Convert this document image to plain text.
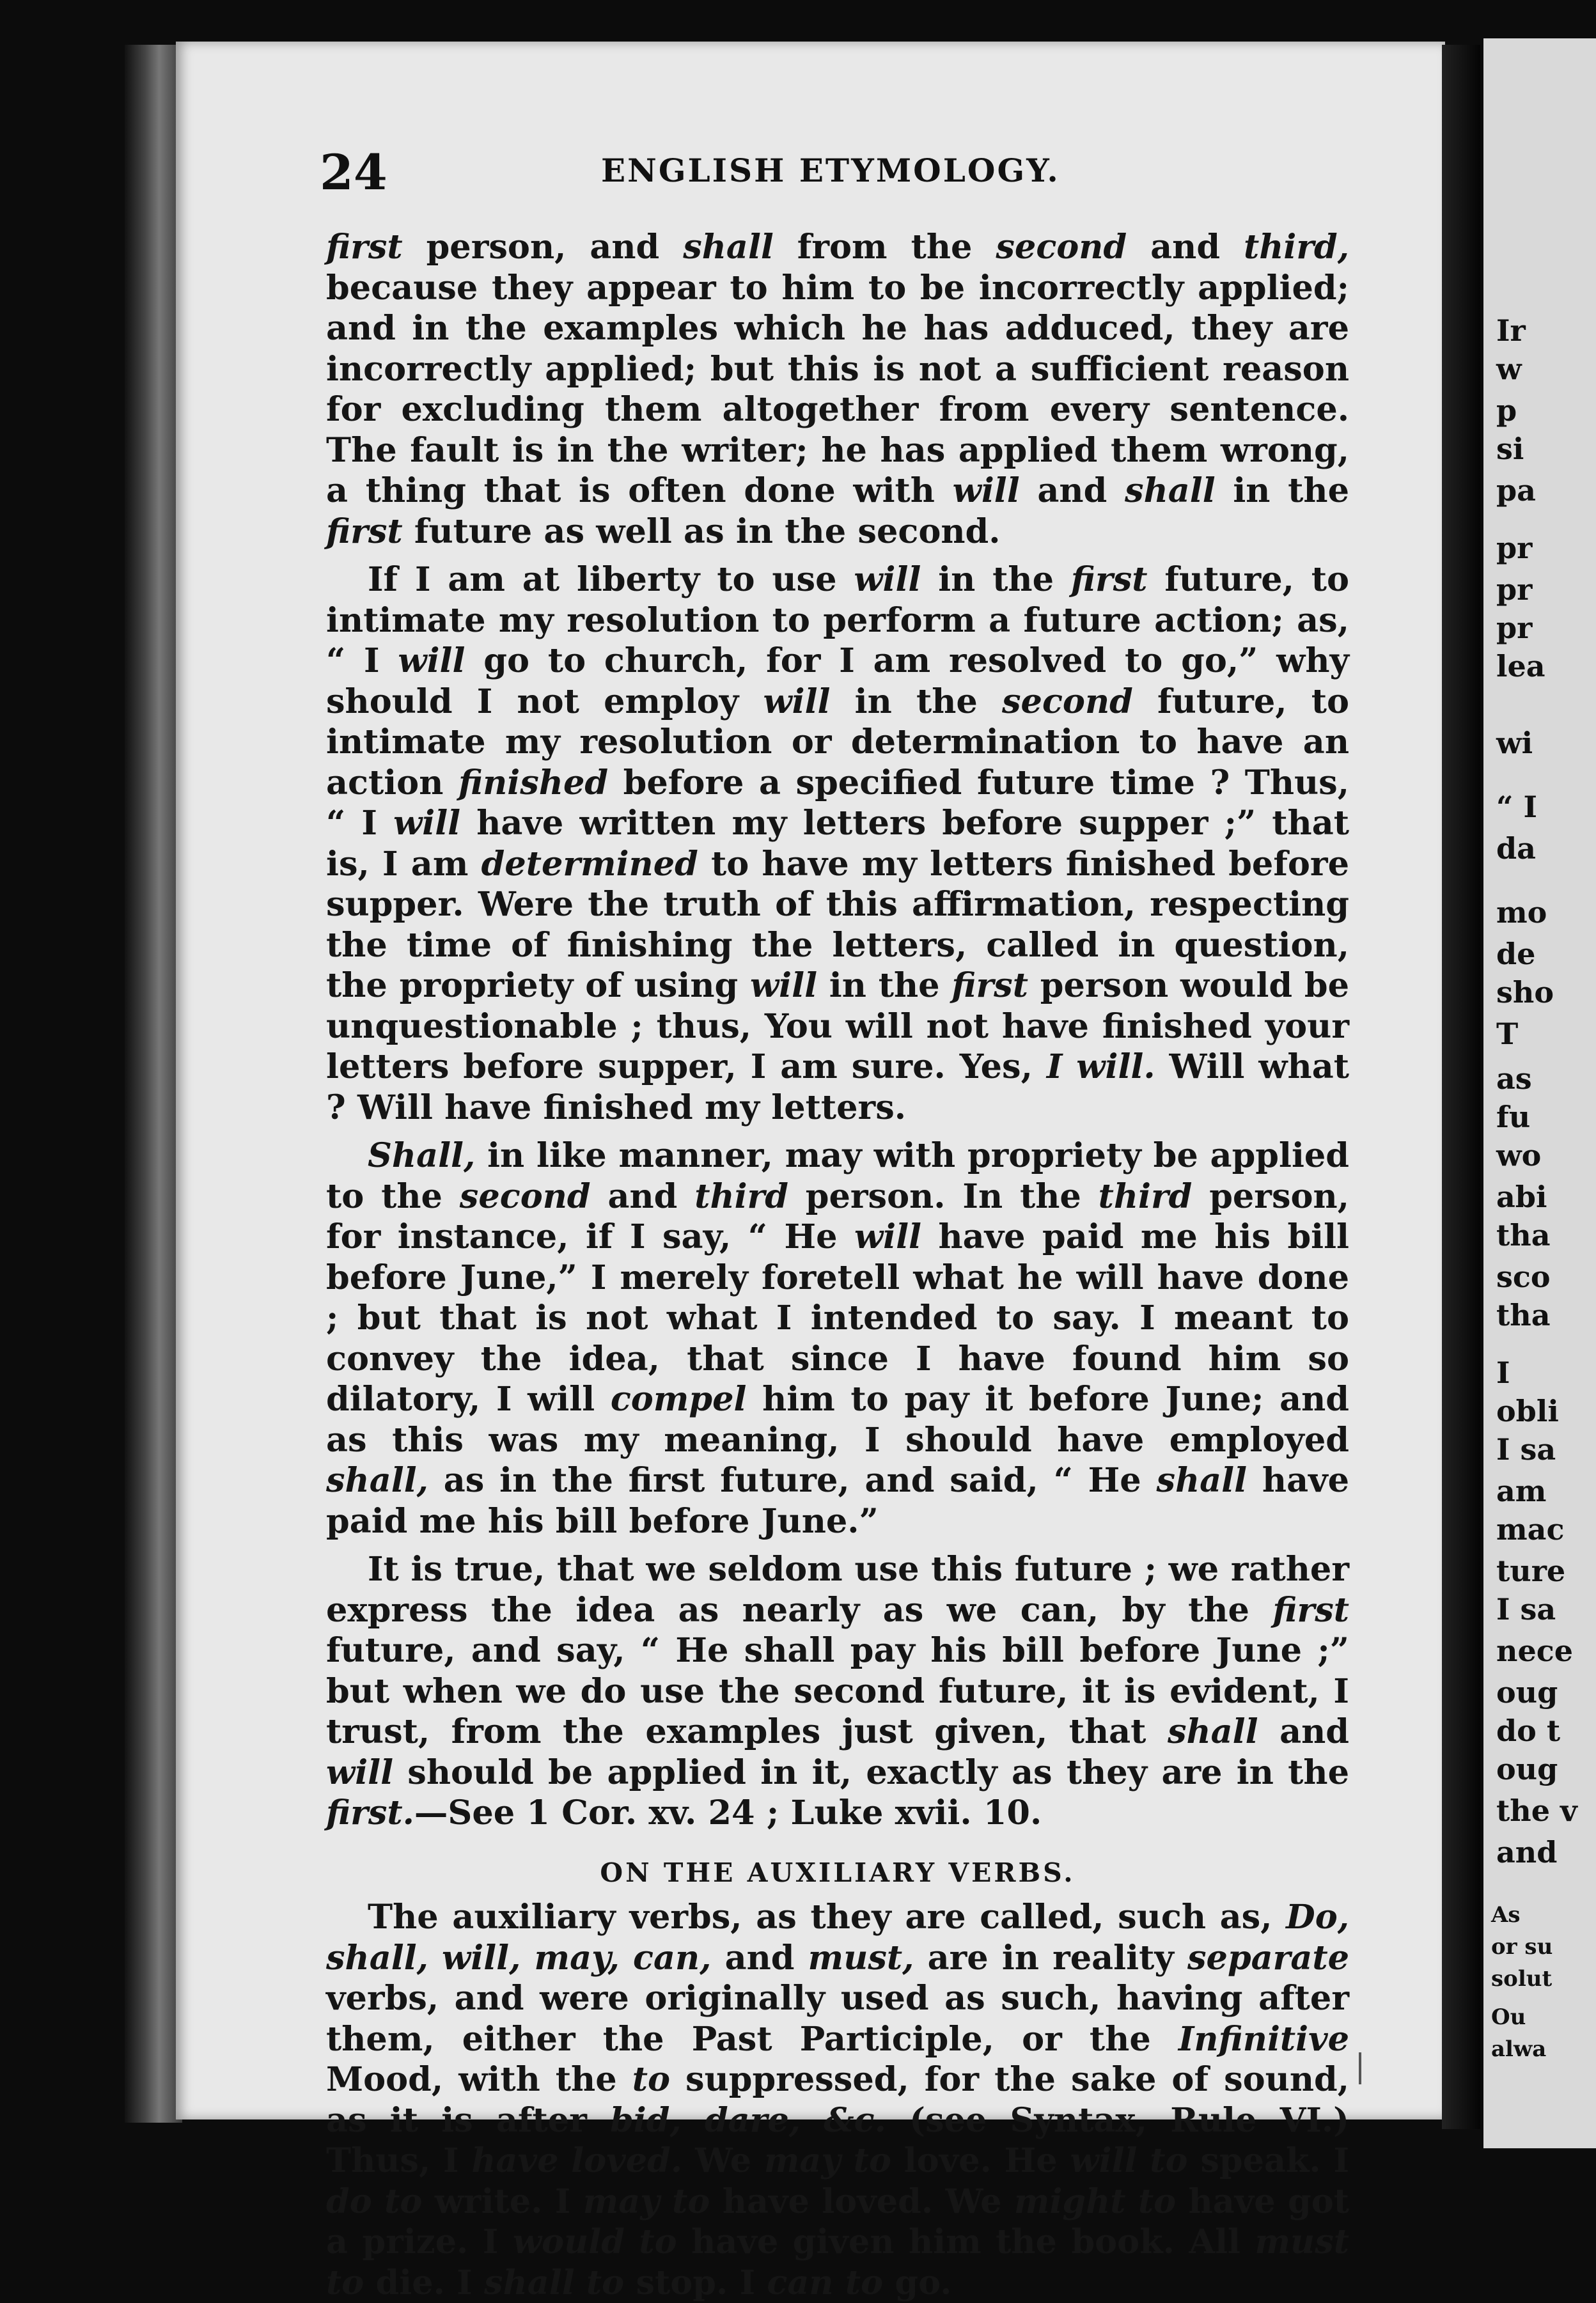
24	ENGLISH ETYMOLOGY.

first person, and shall from the second and third, because they appear to him to be incorrectly applied; and in the examples which he has adduced, they are incorrectly applied; but this is not a sufficient reason for excluding them altogether from every sentence. The fault is in the writer; he has applied them wrong, a thing that is often done with will and shall in the first future as well as in the second.

If I am at liberty to use will in the first future, to intimate my resolution to perform a future action; as, “ I will go to church, for I am resolved to go,” why should I not employ will in the second future, to intimate my resolution or determination to have an action finished before a specified future time ? Thus, “ I will have written my letters before supper ;” that is, I am determined to have my letters finished before supper. Were the truth of this affirmation, respecting the time of finishing the letters, called in question, the propriety of using will in the first person would be unquestionable ; thus, You will not have finished your letters before supper, I am sure. Yes, I will. Will what ? Will have finished my letters.

Shall, in like manner, may with propriety be applied to the second and third person. In the third person, for instance, if I say, “ He will have paid me his bill before June,” I merely foretell what he will have done ; but that is not what I intended to say. I meant to convey the idea, that since I have found him so dilatory, I will compel him to pay it before June; and as this was my meaning, I should have employed shall, as in the first future, and said, “ He shall have paid me his bill before June.”

It is true, that we seldom use this future ; we rather express the idea as nearly as we can, by the first future, and say, “ He shall pay his bill before June ;” but when we do use the second future, it is evident, I trust, from the examples just given, that shall and will should be applied in it, exactly as they are in the first.—See 1 Cor. xv. 24 ; Luke xvii. 10.

ON THE AUXILIARY VERBS.

The auxiliary verbs, as they are called, such as, Do, shall, will, may, can, and must, are in reality separate verbs, and were originally used as such, having after them, either the Past Participle, or the Infinitive Mood, with the to suppressed, for the sake of sound, as it is after bid, dare, &c. (see Syntax, Rule VI.) Thus, I have loved. We may to love. He will to speak. I do to write. I may to have loved. We might to have got a prize. I would to have given him the book. All must to die. I shall to stop. I can to go.

Ir
w
p
si
pa
pr
pr
pr
lea
wi
“ I
da
mo
de
sho
T
as
fu
wo
abi
tha
sco
tha
I
obli
I sa
am
mac
ture
I sa
nece
oug
do t
oug
the v
and
As
or su
solut
Ou
alwa
